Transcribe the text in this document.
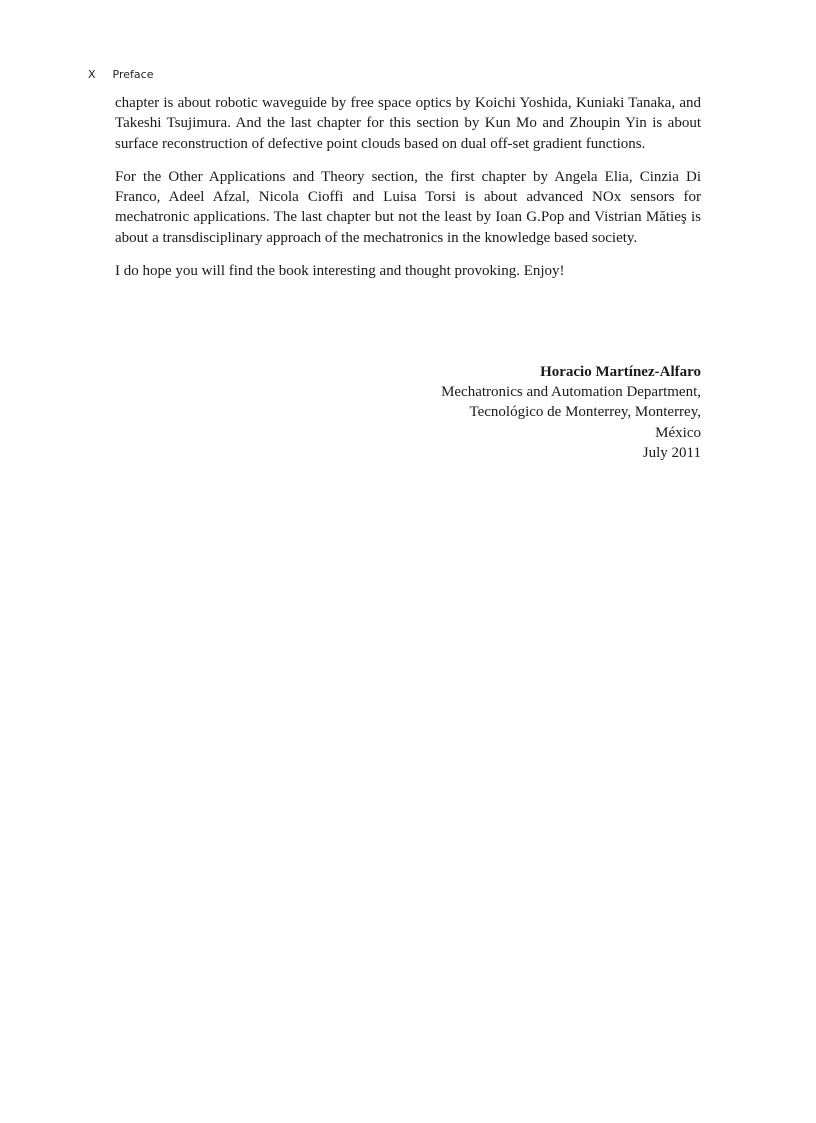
X Preface

chapter is about robotic waveguide by free space optics by Koichi Yoshida, Kuniaki Tanaka, and Takeshi Tsujimura. And the last chapter for this section by Kun Mo and Zhoupin Yin is about surface reconstruction of defective point clouds based on dual off-set gradient functions.

For the Other Applications and Theory section, the first chapter by Angela Elia, Cinzia Di Franco, Adeel Afzal, Nicola Cioffi and Luisa Torsi is about advanced NOx sensors for mechatronic applications. The last chapter but not the least by Ioan G.Pop and Vistrian Mătieş is about a transdisciplinary approach of the mechatronics in the knowledge based society.

I do hope you will find the book interesting and thought provoking. Enjoy!

Horacio Martínez-Alfaro
Mechatronics and Automation Department,
Tecnológico de Monterrey, Monterrey,
México
July 2011
